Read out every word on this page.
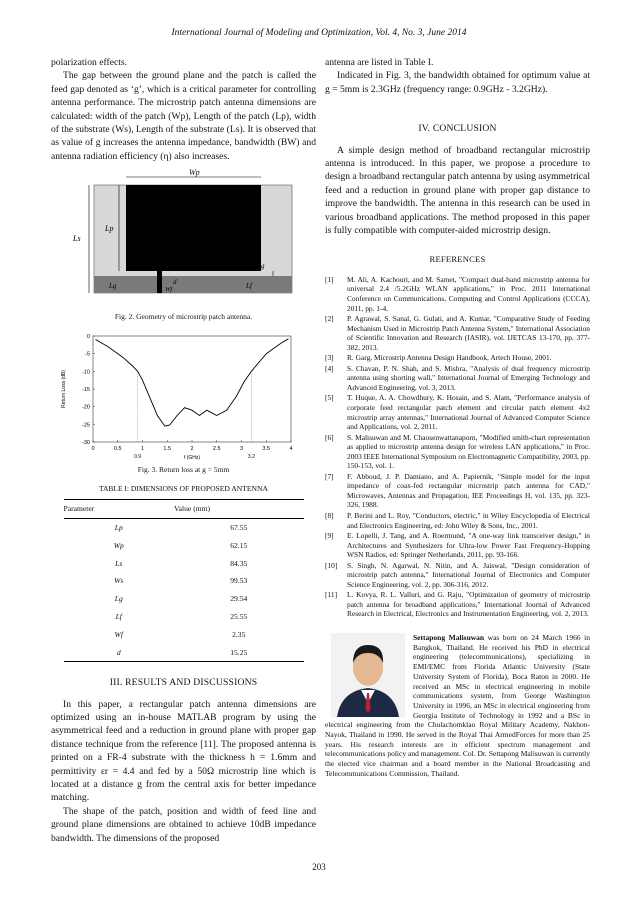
International Journal of Modeling and Optimization, Vol. 4, No. 3, June 2014

polarization effects.

The gap between the ground plane and the patch is called the feed gap denoted as ‘g’, which is a critical parameter for controlling antenna performance. The microstrip patch antenna dimensions are calculated: width of the patch (Wp), Length of the patch (Lp), width of the substrate (Ws), Length of the substrate (Ls). It is observed that as value of g increases the antenna impedance, bandwidth (BW) and antenna radiation efficiency (η) also increases.

Wp
Lp
Ls
g
Lg	Lf
d
Wf
Fig. 2. Geometry of microstrip patch antenna.
0	0.5	1	1.5	2	2.5	3	3.5	4
0
-5
-10
-15
-20
-25
-30
0.9	3.2
f (GHz)
Return Loss (dB)
Fig. 3. Return loss at g = 5mm
TABLE I: DIMENSIONS OF PROPOSED ANTENNA
Parameter	Value (mm)
Lp	67.55
Wp	62.15
Ls	84.35
Ws	99.53
Lg	29.54
Lf	25.55
Wf	2.35
d	15.25
III. RESULTS AND DISCUSSIONS

In this paper, a rectangular patch antenna dimensions are optimized using an in-house MATLAB program by using the asymmetrical feed and a reduction in ground plane with proper gap distance technique from the reference [11]. The proposed antenna is printed on a FR-4 substrate with the thickness h = 1.6mm and permittivity εr = 4.4 and fed by a 50Ω microstrip line which is located at a distance g from the central axis for better impedance matching.

The shape of the patch, position and width of feed line and ground plane dimensions are obtained to achieve 10dB impedance bandwidth. The dimensions of the proposed

antenna are listed in Table I.

Indicated in Fig. 3, the bandwidth obtained for optimum value at g = 5mm is 2.3GHz (frequency range: 0.9GHz - 3.2GHz).

IV. CONCLUSION

A simple design method of broadband rectangular microstrip antenna is introduced. In this paper, we propose a procedure to design a broadband rectangular patch antenna by using asymmetrical feed and a reduction in ground plane with proper gap distance to improve the bandwidth. The antenna in this research can be used in various broadband applications. The method proposed in this paper is fully compatible with computer-aided microstrip design.

REFERENCES
[1]	M. Ali, A. Kachouri, and M. Samet, "Compact dual-band microstrip antenna for universal 2.4 /5.2GHz WLAN applications," in Proc. 2011 International Conference on Communications, Computing and Control Applications (CCCA), 2011, pp. 1-4.
[2]	P. Agrawal, S. Sanal, G. Gulati, and A. Kumar, "Comparative Study of Feeding Mechanism Used in Microstrip Patch Antenna System," International Association of Scientific Innovation and Research (IASIR), vol. IJETCAS 13-170, pp. 377-382, 2013.
[3]	R. Garg, Microstrip Antenna Design Handbook, Artech House, 2001.
[4]	S. Chavan, P. N. Shah, and S. Mishra, "Analysis of dual frequency microstrip antenna using shorting wall," International Journal of Emerging Technology and Advanced Engineering, vol. 3, 2013.
[5]	T. Huque, A. A. Chowdhury, K. Hosain, and S. Alam, "Performance analysis of corporate feed rectangular patch element and circular patch element 4x2 microstrip array antennas," International Journal of Advanced Computer Science and Applications, vol. 2, 2011.
[6]	S. Malisuwan and M. Chaosenwattanaporn, "Modified smith-chart representation as applied to microstrip antenna design for wireless LAN applications," in Proc. 2003 IEEE International Symposium on Electromagnetic Compatibility, 2003, pp. 150-153, vol. 1.
[7]	F. Abboud, J. P. Damiano, and A. Papiernik, "Simple model for the input impedance of coax-fed rectangular microstrip patch antenna for CAD," Microwaves, Antennas and Propagation, IEE Proceedings H, vol. 135, pp. 323-326, 1988.
[8]	P. Berini and L. Roy, "Conductors, electric," in Wiley Encyclopedia of Electrical and Electronics Engineering, ed: John Wiley & Sons, Inc., 2001.
[9]	E. Lopelli, J. Tang, and A. Roermund, "A one-way link transceiver design," in Architectures and Synthesizers for Ultra-low Power Fast Frequency-Hopping WSN Radios, ed: Springer Netherlands, 2011, pp. 93-166.
[10]	S. Singh, N. Agarwal, N. Nitin, and A. Jaiswal, "Design consideration of microstrip patch antenna," International Journal of Electronics and Computer Science Engineering, vol. 2, pp. 306-316, 2012.
[11]	L. Kovya, R. L. Valluri, and G. Raju, "Optimization of geometry of microstrip patch antenna for broadband applications," International Journal of Advanced Research in Electrical, Electronics and Instrumentation Engineering, vol. 2, 2013.
Settapong Malisuwan was born on 24 March 1966 in Bangkok, Thailand. He received his PhD in electrical engineering (telecommunications), specializing in EMI/EMC from Florida Atlantic University (State University System of Florida), Boca Raton in 2000. He received an MSc in electrical engineering in mobile communications system, from George Washington University in 1996, an MSc in electrical engineering from Georgia Institute of Technology in 1992 and a BSc in electrical engineering from the Chulachomklao Royal Military Academy, Nakhon-Nayok, Thailand in 1990. He served in the Royal Thai ArmedForces for more than 25 years. His research interests are in efficient spectrum management and telecommunications policy and management. Col. Dr. Settapong Malisuwan is currently the elected vice chairman and a board member in the National Broadcasting and Telecommunications Commission, Thailand.
203
